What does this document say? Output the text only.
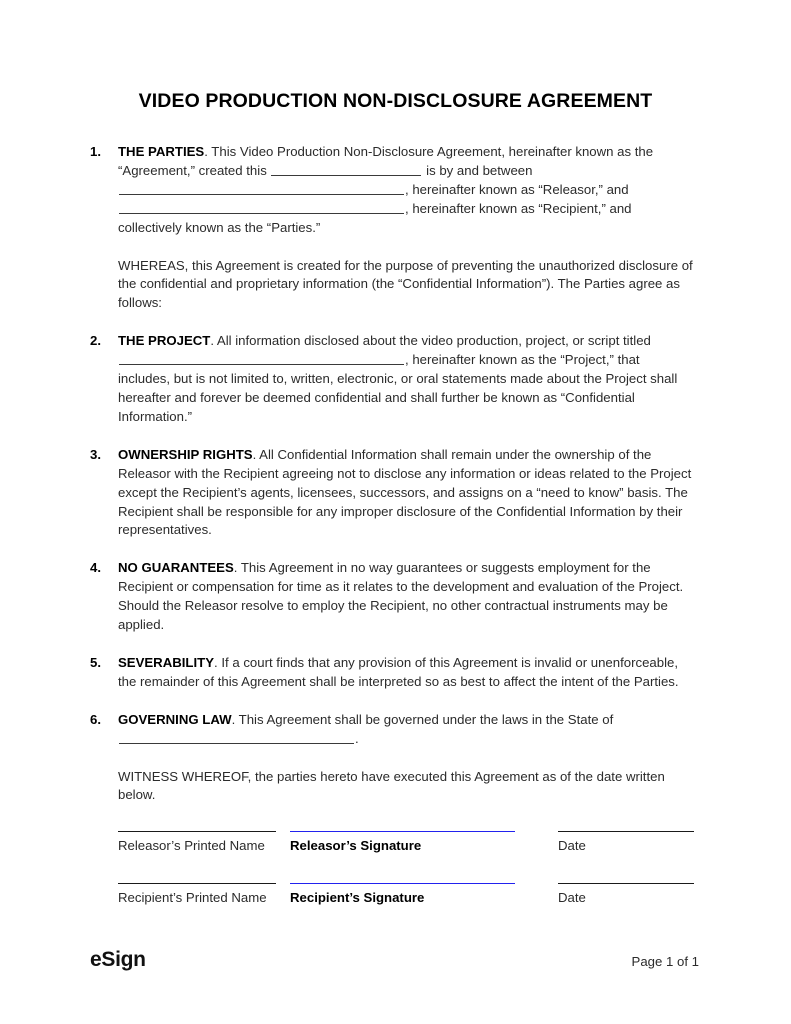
VIDEO PRODUCTION NON-DISCLOSURE AGREEMENT
1.	THE PARTIES. This Video Production Non-Disclosure Agreement, hereinafter known as the “Agreement,” created this	is by and between
, hereinafter known as “Releasor,” and
, hereinafter known as “Recipient,” and
collectively known as the “Parties.”
WHEREAS, this Agreement is created for the purpose of preventing the unauthorized disclosure of the confidential and proprietary information (the “Confidential Information”). The Parties agree as follows:
2.	THE PROJECT. All information disclosed about the video production, project, or script titled
, hereinafter known as the “Project,” that
includes, but is not limited to, written, electronic, or oral statements made about the Project shall hereafter and forever be deemed confidential and shall further be known as “Confidential Information.”
3.	OWNERSHIP RIGHTS. All Confidential Information shall remain under the ownership of the Releasor with the Recipient agreeing not to disclose any information or ideas related to the Project except the Recipient’s agents, licensees, successors, and assigns on a “need to know” basis. The Recipient shall be responsible for any improper disclosure of the Confidential Information by their representatives.
4.	NO GUARANTEES. This Agreement in no way guarantees or suggests employment for the Recipient or compensation for time as it relates to the development and evaluation of the Project. Should the Releasor resolve to employ the Recipient, no other contractual instruments may be applied.
5.	SEVERABILITY. If a court finds that any provision of this Agreement is invalid or unenforceable, the remainder of this Agreement shall be interpreted so as best to affect the intent of the Parties.
6.	GOVERNING LAW. This Agreement shall be governed under the laws in the State of
.
WITNESS WHEREOF, the parties hereto have executed this Agreement as of the date written below.
Releasor’s Printed Name	Releasor’s Signature	Date
Recipient’s Printed Name	Recipient’s Signature	Date
eSign	Page 1 of 1
